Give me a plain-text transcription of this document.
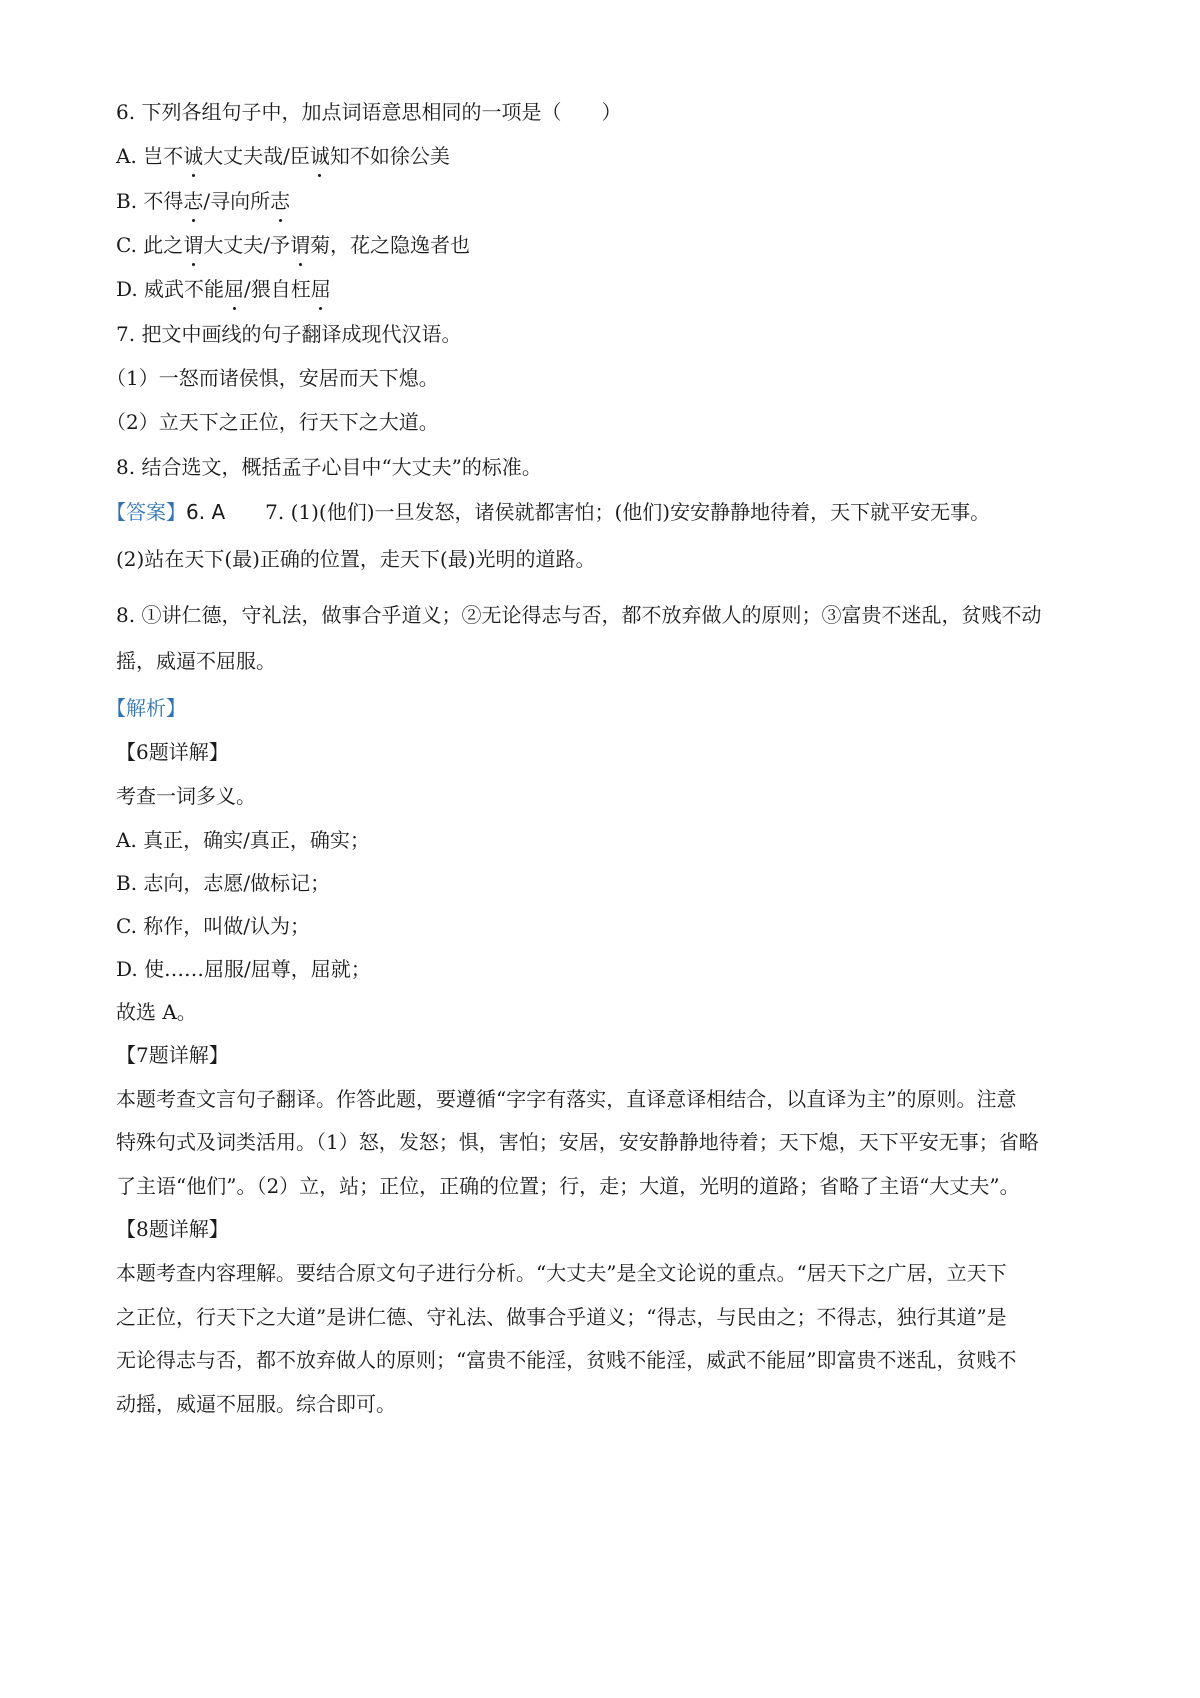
6. 下列各组句子中，加点词语意思相同的一项是（　　）
A. 岂不诚大丈夫哉/臣诚知不如徐公美
B. 不得志/寻向所志
C. 此之谓大丈夫/予谓菊，花之隐逸者也
D. 威武不能屈/猥自枉屈
7. 把文中画线的句子翻译成现代汉语。
（1）一怒而诸侯惧，安居而天下熄。
（2）立天下之正位，行天下之大道。
8. 结合选文，概括孟子心目中“大丈夫”的标准。
【答案】6. A 7. (1)(他们)一旦发怒，诸侯就都害怕；(他们)安安静静地待着，天下就平安无事。
(2)站在天下(最)正确的位置，走天下(最)光明的道路。
8. ①讲仁德，守礼法，做事合乎道义；②无论得志与否，都不放弃做人的原则；③富贵不迷乱，贫贱不动
摇，威逼不屈服。
【解析】
【6题详解】
考查一词多义。
A. 真正，确实/真正，确实；
B. 志向，志愿/做标记；
C. 称作，叫做/认为；
D. 使……屈服/屈尊，屈就；
故选 A。
【7题详解】
本题考查文言句子翻译。作答此题，要遵循“字字有落实，直译意译相结合，以直译为主”的原则。注意
特殊句式及词类活用。（1）怒，发怒；惧，害怕；安居，安安静静地待着；天下熄，天下平安无事；省略
了主语“他们”。（2）立，站；正位，正确的位置；行，走；大道，光明的道路；省略了主语“大丈夫”。
【8题详解】
本题考查内容理解。要结合原文句子进行分析。“大丈夫”是全文论说的重点。“居天下之广居，立天下
之正位，行天下之大道”是讲仁德、守礼法、做事合乎道义；“得志，与民由之；不得志，独行其道”是
无论得志与否，都不放弃做人的原则；“富贵不能淫，贫贱不能淫，威武不能屈”即富贵不迷乱，贫贱不
动摇，威逼不屈服。综合即可。
